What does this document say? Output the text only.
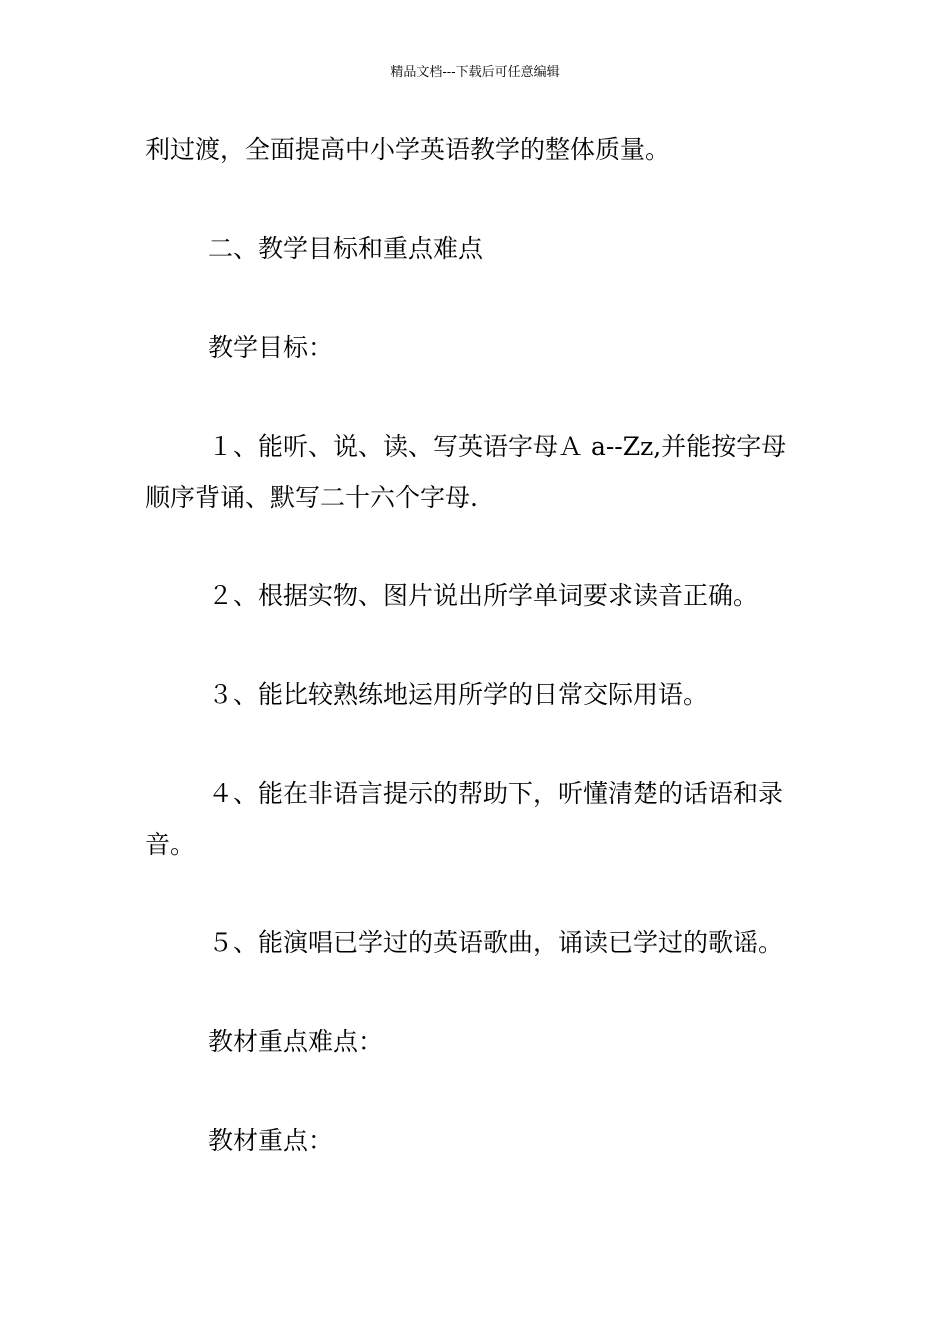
精品文档---下载后可任意编辑
利过渡，全面提高中小学英语教学的整体质量。
二、教学目标和重点难点
教学目标：
１、能听、说、读、写英语字母Ａ a--Zz,并能按字母
顺序背诵、默写二十六个字母.
２、根据实物、图片说出所学单词要求读音正确。
３、能比较熟练地运用所学的日常交际用语。
４、能在非语言提示的帮助下，听懂清楚的话语和录
音。
５、能演唱已学过的英语歌曲，诵读已学过的歌谣。
教材重点难点：
教材重点：
